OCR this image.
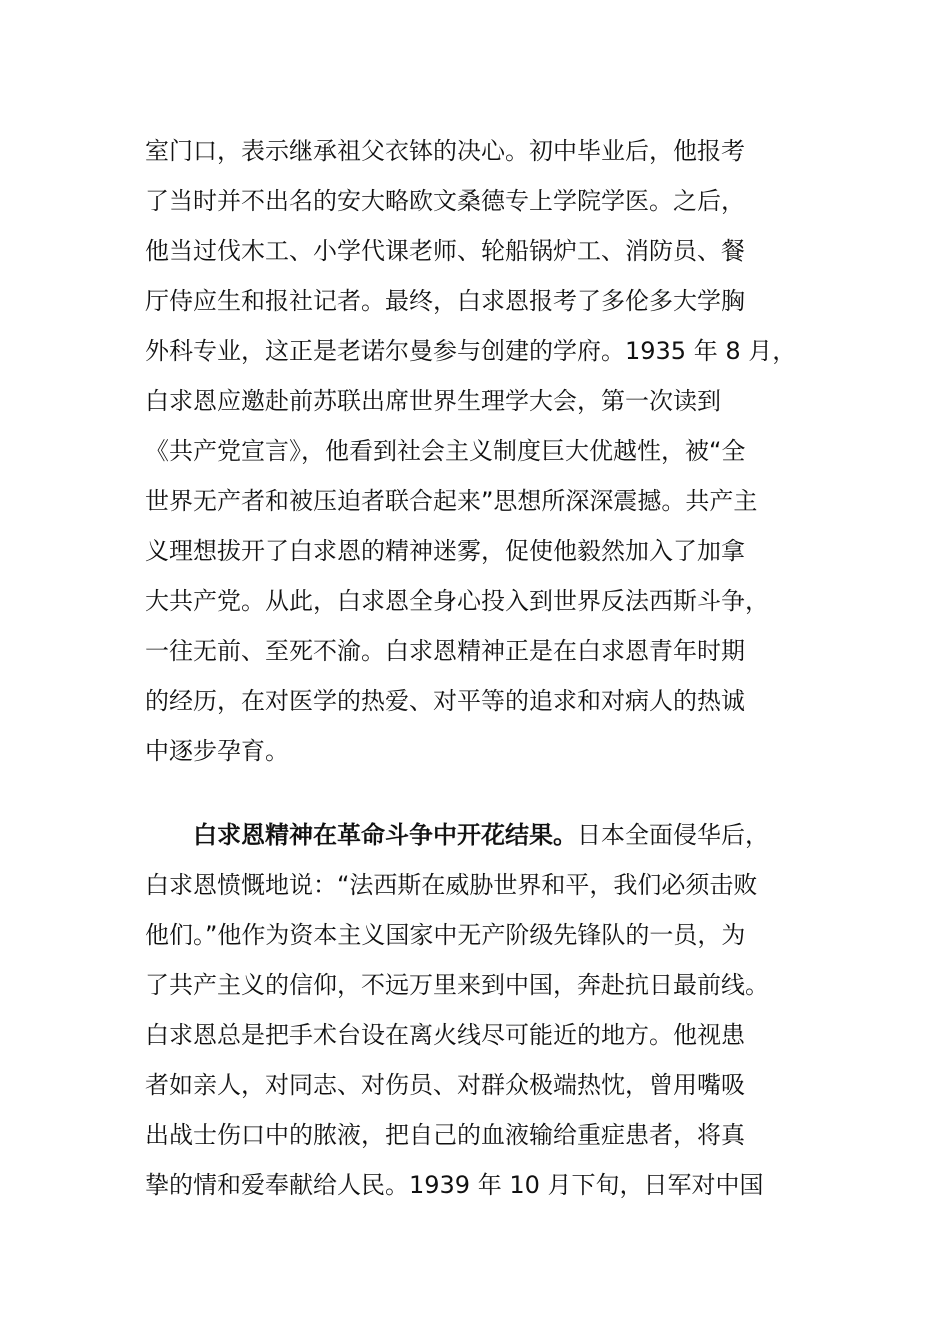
室门口，表示继承祖父衣钵的决心。初中毕业后，他报考
了当时并不出名的安大略欧文桑德专上学院学医。之后，
他当过伐木工、小学代课老师、轮船锅炉工、消防员、餐
厅侍应生和报社记者。最终，白求恩报考了多伦多大学胸
外科专业，这正是老诺尔曼参与创建的学府。1935 年 8 月，
白求恩应邀赴前苏联出席世界生理学大会，第一次读到
《共产党宣言》，他看到社会主义制度巨大优越性，被“全
世界无产者和被压迫者联合起来”思想所深深震撼。共产主
义理想拔开了白求恩的精神迷雾，促使他毅然加入了加拿
大共产党。从此，白求恩全身心投入到世界反法西斯斗争，
一往无前、至死不渝。白求恩精神正是在白求恩青年时期
的经历，在对医学的热爱、对平等的追求和对病人的热诚
中逐步孕育。
白求恩精神在革命斗争中开花结果。日本全面侵华后，
白求恩愤慨地说：“法西斯在威胁世界和平，我们必须击败
他们。”他作为资本主义国家中无产阶级先锋队的一员，为
了共产主义的信仰，不远万里来到中国，奔赴抗日最前线。
白求恩总是把手术台设在离火线尽可能近的地方。他视患
者如亲人，对同志、对伤员、对群众极端热忱，曾用嘴吸
出战士伤口中的脓液，把自己的血液输给重症患者，将真
挚的情和爱奉献给人民。1939 年 10 月下旬，日军对中国
